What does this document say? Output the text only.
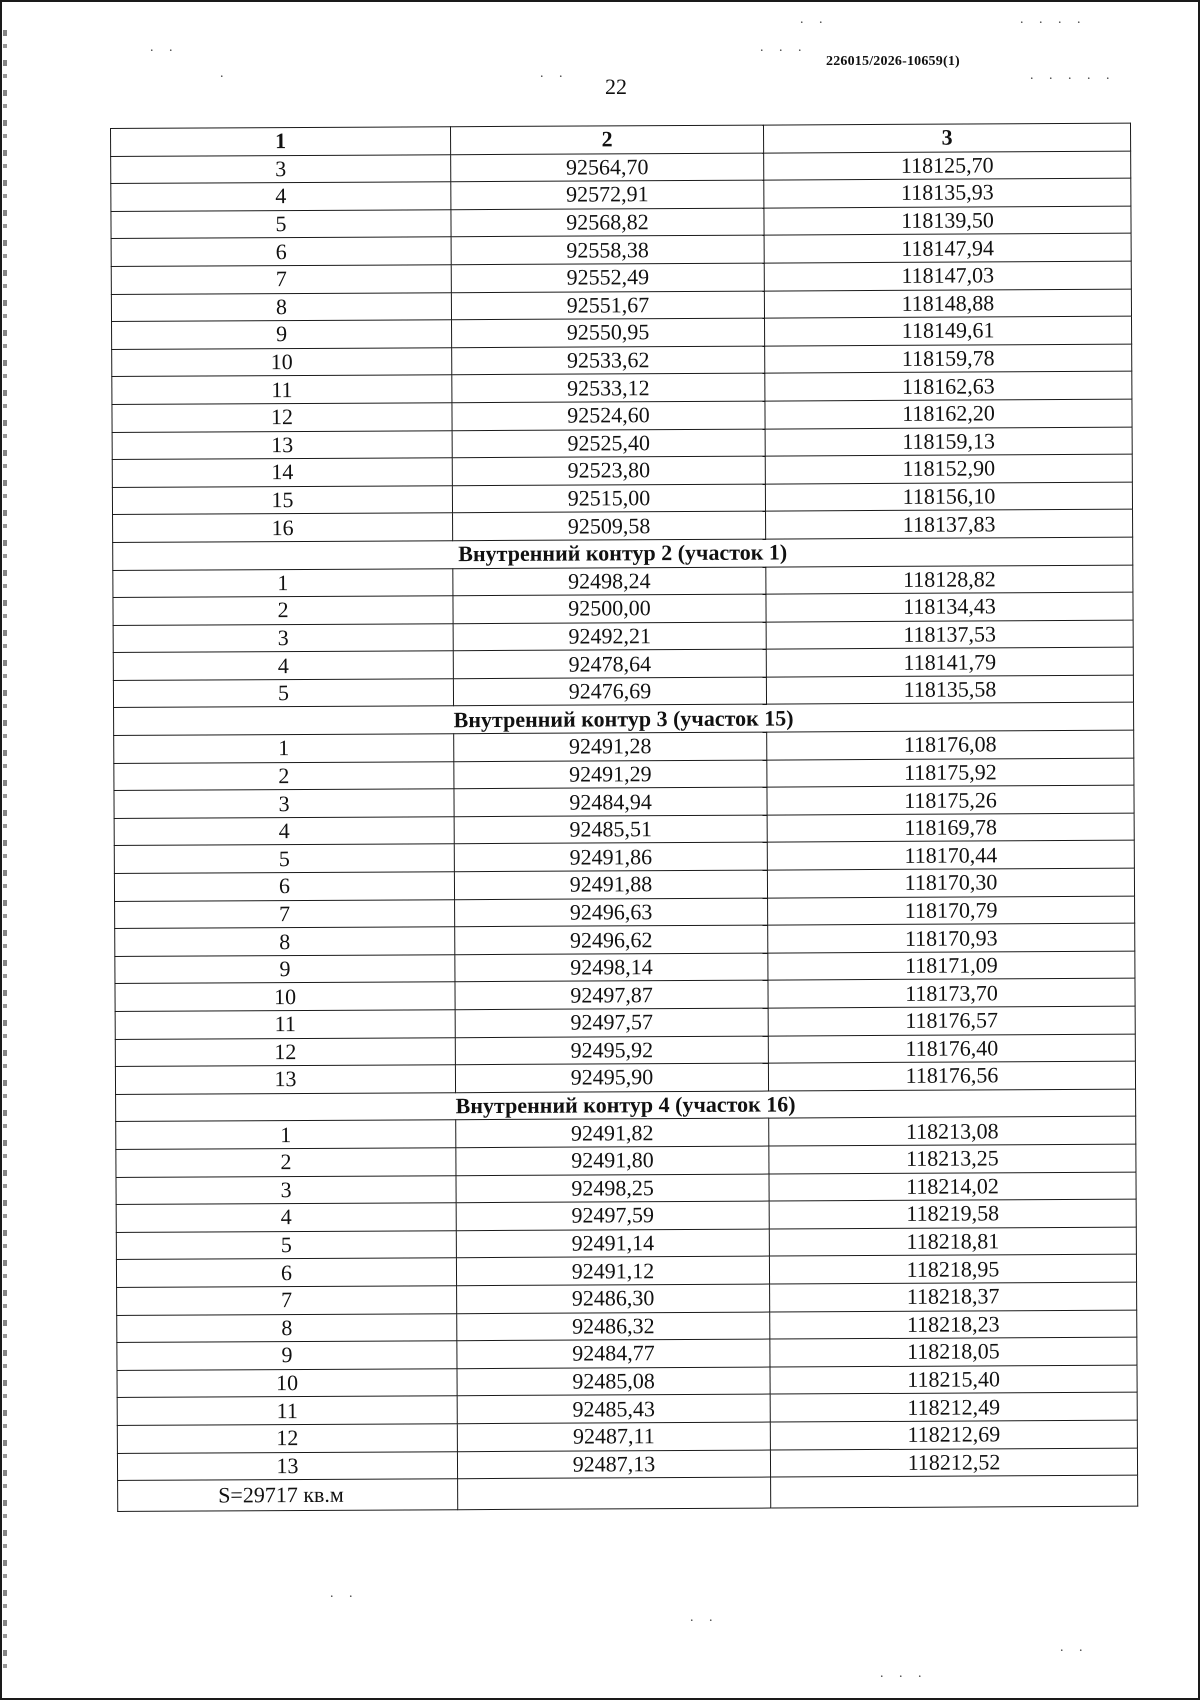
226015/2026-10659(1)
22
. .
. .	. . . .
. . .
. . . . .
.	. .
. .
. .
. .
. . .
1	2	3
3	92564,70	118125,70
4	92572,91	118135,93
5	92568,82	118139,50
6	92558,38	118147,94
7	92552,49	118147,03
8	92551,67	118148,88
9	92550,95	118149,61
10	92533,62	118159,78
11	92533,12	118162,63
12	92524,60	118162,20
13	92525,40	118159,13
14	92523,80	118152,90
15	92515,00	118156,10
16	92509,58	118137,83
Внутренний контур 2 (участок 1)		
1	92498,24	118128,82
2	92500,00	118134,43
3	92492,21	118137,53
4	92478,64	118141,79
5	92476,69	118135,58
Внутренний контур 3 (участок 15)		
1	92491,28	118176,08
2	92491,29	118175,92
3	92484,94	118175,26
4	92485,51	118169,78
5	92491,86	118170,44
6	92491,88	118170,30
7	92496,63	118170,79
8	92496,62	118170,93
9	92498,14	118171,09
10	92497,87	118173,70
11	92497,57	118176,57
12	92495,92	118176,40
13	92495,90	118176,56
Внутренний контур 4 (участок 16)		
1	92491,82	118213,08
2	92491,80	118213,25
3	92498,25	118214,02
4	92497,59	118219,58
5	92491,14	118218,81
6	92491,12	118218,95
7	92486,30	118218,37
8	92486,32	118218,23
9	92484,77	118218,05
10	92485,08	118215,40
11	92485,43	118212,49
12	92487,11	118212,69
13	92487,13	118212,52
S=29717 кв.м		
